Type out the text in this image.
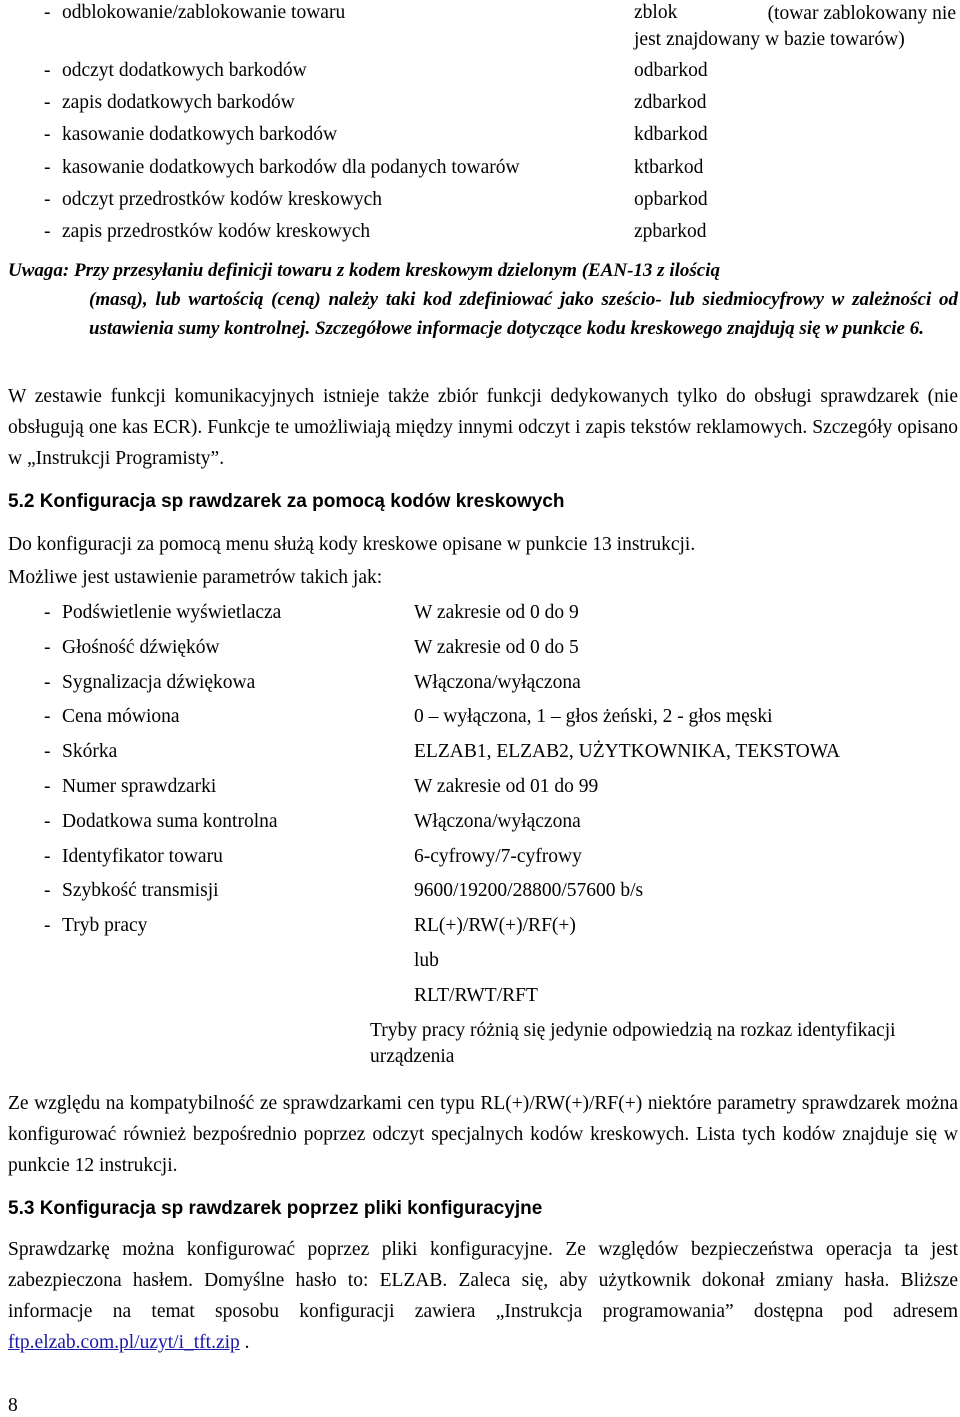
- odblokowanie/zablokowanie towaru	zblok	(towar zablokowany nie
jest znajdowany w bazie towarów)
- odczyt dodatkowych barkodów	odbarkod
- zapis dodatkowych barkodów	zdbarkod
- kasowanie dodatkowych barkodów	kdbarkod
- kasowanie dodatkowych barkodów dla podanych towarów	ktbarkod
- odczyt przedrostków kodów kreskowych	opbarkod
- zapis przedrostków kodów kreskowych	zpbarkod
Uwaga: Przy przesyłaniu definicji towaru z kodem kreskowym dzielonym (EAN-13 z ilością
(masą), lub wartością (ceną) należy taki kod zdefiniować jako sześcio- lub siedmiocyfrowy w zależności od ustawienia sumy kontrolnej. Szczegółowe informacje dotyczące kodu kreskowego znajdują się w punkcie 6.
W zestawie funkcji komunikacyjnych istnieje także zbiór funkcji dedykowanych tylko do obsługi sprawdzarek (nie obsługują one kas ECR). Funkcje te umożliwiają między innymi odczyt i zapis tekstów reklamowych. Szczegóły opisano w „Instrukcji Programisty”.
5.2 Konfiguracja sp rawdzarek za pomocą kodów kreskowych
Do konfiguracji za pomocą menu służą kody kreskowe opisane w punkcie 13 instrukcji.
Możliwe jest ustawienie parametrów takich jak:
- Podświetlenie wyświetlacza	W zakresie od 0 do 9
- Głośność dźwięków	W zakresie od 0 do 5
- Sygnalizacja dźwiękowa	Włączona/wyłączona
- Cena mówiona	0 – wyłączona, 1 – głos żeński, 2 - głos męski
- Skórka	ELZAB1, ELZAB2, UŻYTKOWNIKA, TEKSTOWA
- Numer sprawdzarki	W zakresie od 01 do 99
- Dodatkowa suma kontrolna	Włączona/wyłączona
- Identyfikator towaru	6-cyfrowy/7-cyfrowy
- Szybkość transmisji	9600/19200/28800/57600 b/s
- Tryb pracy	RL(+)/RW(+)/RF(+)
lub
RLT/RWT/RFT
Tryby pracy różnią się jedynie odpowiedzią na rozkaz identyfikacji urządzenia
Ze względu na kompatybilność ze sprawdzarkami cen typu RL(+)/RW(+)/RF(+) niektóre parametry sprawdzarek można konfigurować również bezpośrednio poprzez odczyt specjalnych kodów kreskowych. Lista tych kodów znajduje się w punkcie 12 instrukcji.
5.3 Konfiguracja sp rawdzarek poprzez pliki konfiguracyjne
Sprawdzarkę można konfigurować poprzez pliki konfiguracyjne. Ze względów bezpieczeństwa operacja ta jest zabezpieczona hasłem. Domyślne hasło to: ELZAB. Zaleca się, aby użytkownik dokonał zmiany hasła. Bliższe informacje na temat sposobu konfiguracji zawiera „Instrukcja programowania” dostępna pod adresem ftp.elzab.com.pl/uzyt/i_tft.zip .
8
